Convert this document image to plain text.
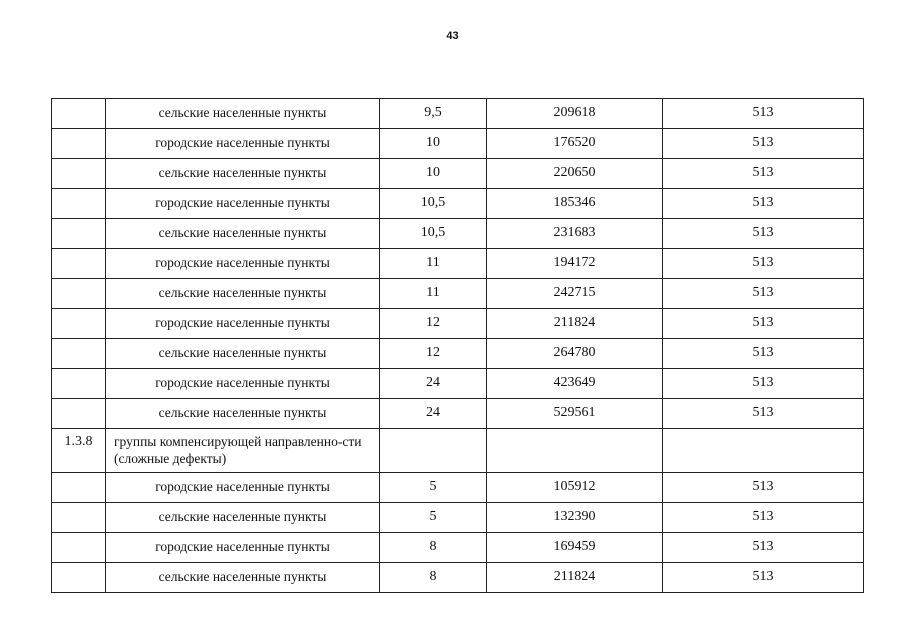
43
	сельские населенные пункты	9,5	209618	513
	городские населенные пункты	10	176520	513
	сельские населенные пункты	10	220650	513
	городские населенные пункты	10,5	185346	513
	сельские населенные пункты	10,5	231683	513
	городские населенные пункты	11	194172	513
	сельские населенные пункты	11	242715	513
	городские населенные пункты	12	211824	513
	сельские населенные пункты	12	264780	513
	городские населенные пункты	24	423649	513
	сельские населенные пункты	24	529561	513
1.3.8	группы компенсирующей направленно-сти (сложные дефекты)			
	городские населенные пункты	5	105912	513
	сельские населенные пункты	5	132390	513
	городские населенные пункты	8	169459	513
	сельские населенные пункты	8	211824	513
